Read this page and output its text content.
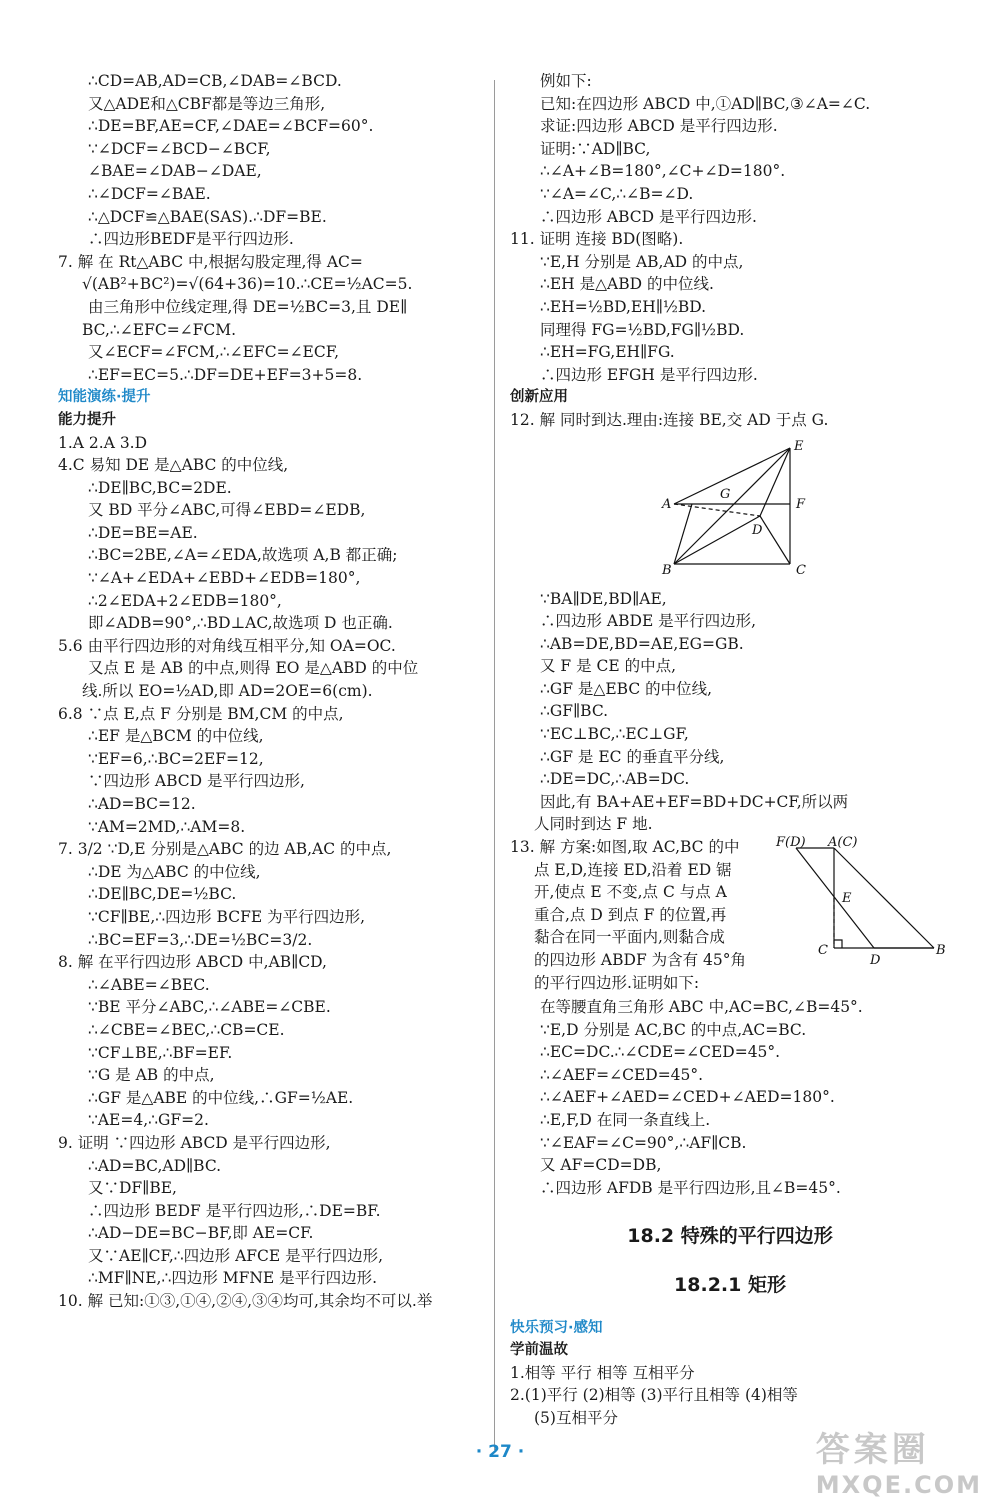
∴CD=AB,AD=CB,∠DAB=∠BCD.
又△ADE和△CBF都是等边三角形,
∴DE=BF,AE=CF,∠DAE=∠BCF=60°.
∵∠DCF=∠BCD−∠BCF,
∠BAE=∠DAB−∠DAE,
∴∠DCF=∠BAE.
∴△DCF≌△BAE(SAS).∴DF=BE.
∴四边形BEDF是平行四边形.
7. 解 在 Rt△ABC 中,根据勾股定理,得 AC=
√(AB²+BC²)=√(64+36)=10.∴CE=½AC=5.
由三角形中位线定理,得 DE=½BC=3,且 DE∥
BC,∴∠EFC=∠FCM.
又∠ECF=∠FCM,∴∠EFC=∠ECF,
∴EF=EC=5.∴DF=DE+EF=3+5=8.
知能演练·提升
能力提升
1.A 2.A 3.D
4.C 易知 DE 是△ABC 的中位线,
∴DE∥BC,BC=2DE.
又 BD 平分∠ABC,可得∠EBD=∠EDB,
∴DE=BE=AE.
∴BC=2BE,∠A=∠EDA,故选项 A,B 都正确;
∵∠A+∠EDA+∠EBD+∠EDB=180°,
∴2∠EDA+2∠EDB=180°,
即∠ADB=90°,∴BD⊥AC,故选项 D 也正确.
5.6 由平行四边形的对角线互相平分,知 OA=OC.
又点 E 是 AB 的中点,则得 EO 是△ABD 的中位
线.所以 EO=½AD,即 AD=2OE=6(cm).
6.8 ∵点 E,点 F 分别是 BM,CM 的中点,
∴EF 是△BCM 的中位线,
∵EF=6,∴BC=2EF=12,
∵四边形 ABCD 是平行四边形,
∴AD=BC=12.
∵AM=2MD,∴AM=8.
7. 3/2 ∵D,E 分别是△ABC 的边 AB,AC 的中点,
∴DE 为△ABC 的中位线,
∴DE∥BC,DE=½BC.
∵CF∥BE,∴四边形 BCFE 为平行四边形,
∴BC=EF=3,∴DE=½BC=3/2.
8. 解 在平行四边形 ABCD 中,AB∥CD,
∴∠ABE=∠BEC.
∵BE 平分∠ABC,∴∠ABE=∠CBE.
∴∠CBE=∠BEC,∴CB=CE.
∵CF⊥BE,∴BF=EF.
∵G 是 AB 的中点,
∴GF 是△ABE 的中位线,∴GF=½AE.
∵AE=4,∴GF=2.
9. 证明 ∵四边形 ABCD 是平行四边形,
∴AD=BC,AD∥BC.
又∵DF∥BE,
∴四边形 BEDF 是平行四边形,∴DE=BF.
∴AD−DE=BC−BF,即 AE=CF.
又∵AE∥CF,∴四边形 AFCE 是平行四边形,
∴MF∥NE,∴四边形 MFNE 是平行四边形.
10. 解 已知:①③,①④,②④,③④均可,其余均不可以.举
例如下:
已知:在四边形 ABCD 中,①AD∥BC,③∠A=∠C.
求证:四边形 ABCD 是平行四边形.
证明:∵AD∥BC,
∴∠A+∠B=180°,∠C+∠D=180°.
∵∠A=∠C,∴∠B=∠D.
∴四边形 ABCD 是平行四边形.
11. 证明 连接 BD(图略).
∵E,H 分别是 AB,AD 的中点,
∴EH 是△ABD 的中位线.
∴EH=½BD,EH∥½BD.
同理得 FG=½BD,FG∥½BD.
∴EH=FG,EH∥FG.
∴四边形 EFGH 是平行四边形.
创新应用
12. 解 同时到达.理由:连接 BE,交 AD 于点 G.
A
B	C
D
E
F
G
∵BA∥DE,BD∥AE,
∴四边形 ABDE 是平行四边形,
∴AB=DE,BD=AE,EG=GB.
又 F 是 CE 的中点,
∴GF 是△EBC 的中位线,
∴GF∥BC.
∵EC⊥BC,∴EC⊥GF,
∴GF 是 EC 的垂直平分线,
∴DE=DC,∴AB=DC.
因此,有 BA+AE+EF=BD+DC+CF,所以两
人同时到达 F 地.
13. 解 方案:如图,取 AC,BC 的中
点 E,D,连接 ED,沿着 ED 锯
开,使点 E 不变,点 C 与点 A
重合,点 D 到点 F 的位置,再
黏合在同一平面内,则黏合成
的四边形 ABDF 为含有 45°角
的平行四边形.证明如下:
F(D) A(C)
E
C
D
B
在等腰直角三角形 ABC 中,AC=BC,∠B=45°.
∵E,D 分别是 AC,BC 的中点,AC=BC.
∴EC=DC.∴∠CDE=∠CED=45°.
∴∠AEF=∠CED=45°.
∴∠AEF+∠AED=∠CED+∠AED=180°.
∴E,F,D 在同一条直线上.
∵∠EAF=∠C=90°,∴AF∥CB.
又 AF=CD=DB,
∴四边形 AFDB 是平行四边形,且∠B=45°.
18.2 特殊的平行四边形
18.2.1 矩形
快乐预习·感知
学前温故
1.相等 平行 相等 互相平分
2.(1)平行 (2)相等 (3)平行且相等 (4)相等
(5)互相平分
· 27 ·	答案圈
MXQE.COM
